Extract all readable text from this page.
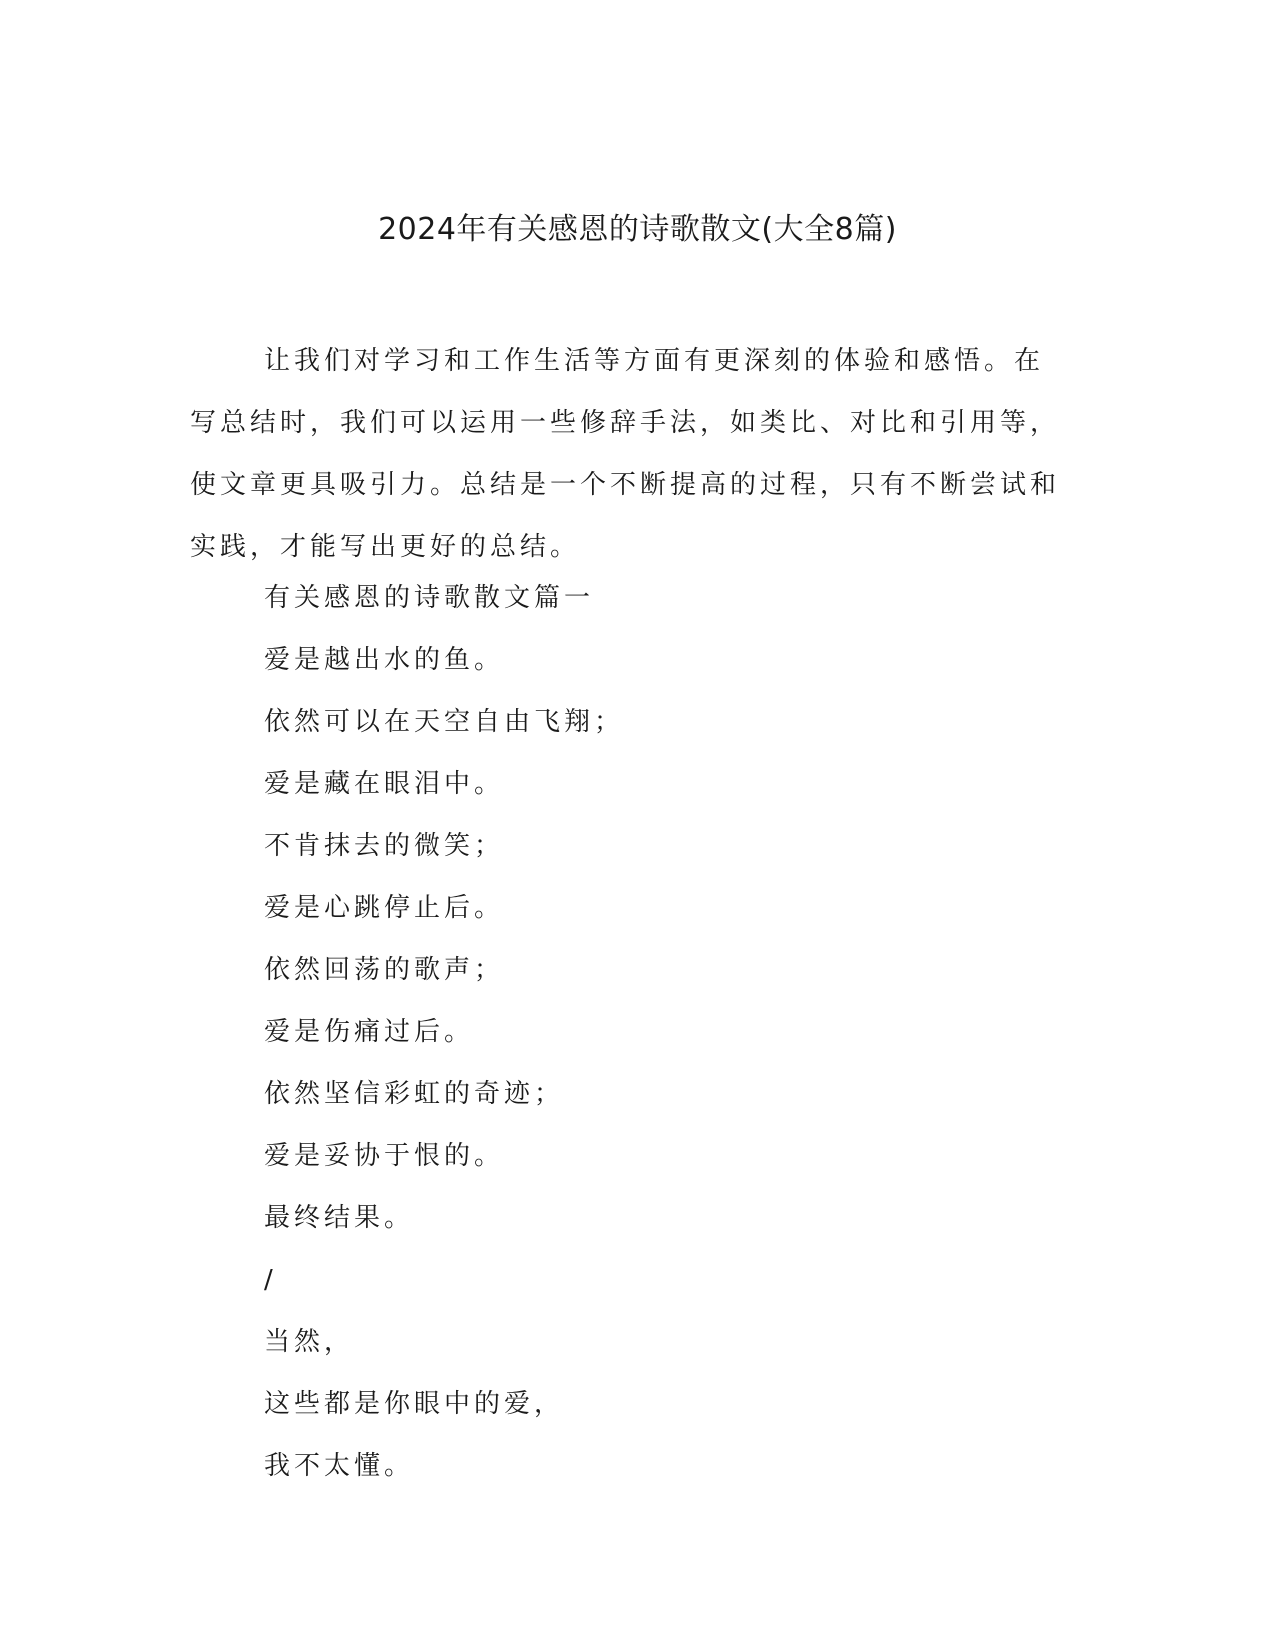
2024年有关感恩的诗歌散文(大全8篇)

让我们对学习和工作生活等方面有更深刻的体验和感悟。在写总结时，我们可以运用一些修辞手法，如类比、对比和引用等，使文章更具吸引力。总结是一个不断提高的过程，只有不断尝试和实践，才能写出更好的总结。

有关感恩的诗歌散文篇一
爱是越出水的鱼。
依然可以在天空自由飞翔；
爱是藏在眼泪中。
不肯抹去的微笑；
爱是心跳停止后。
依然回荡的歌声；
爱是伤痛过后。
依然坚信彩虹的奇迹；
爱是妥协于恨的。
最终结果。
/
当然，
这些都是你眼中的爱，
我不太懂。
